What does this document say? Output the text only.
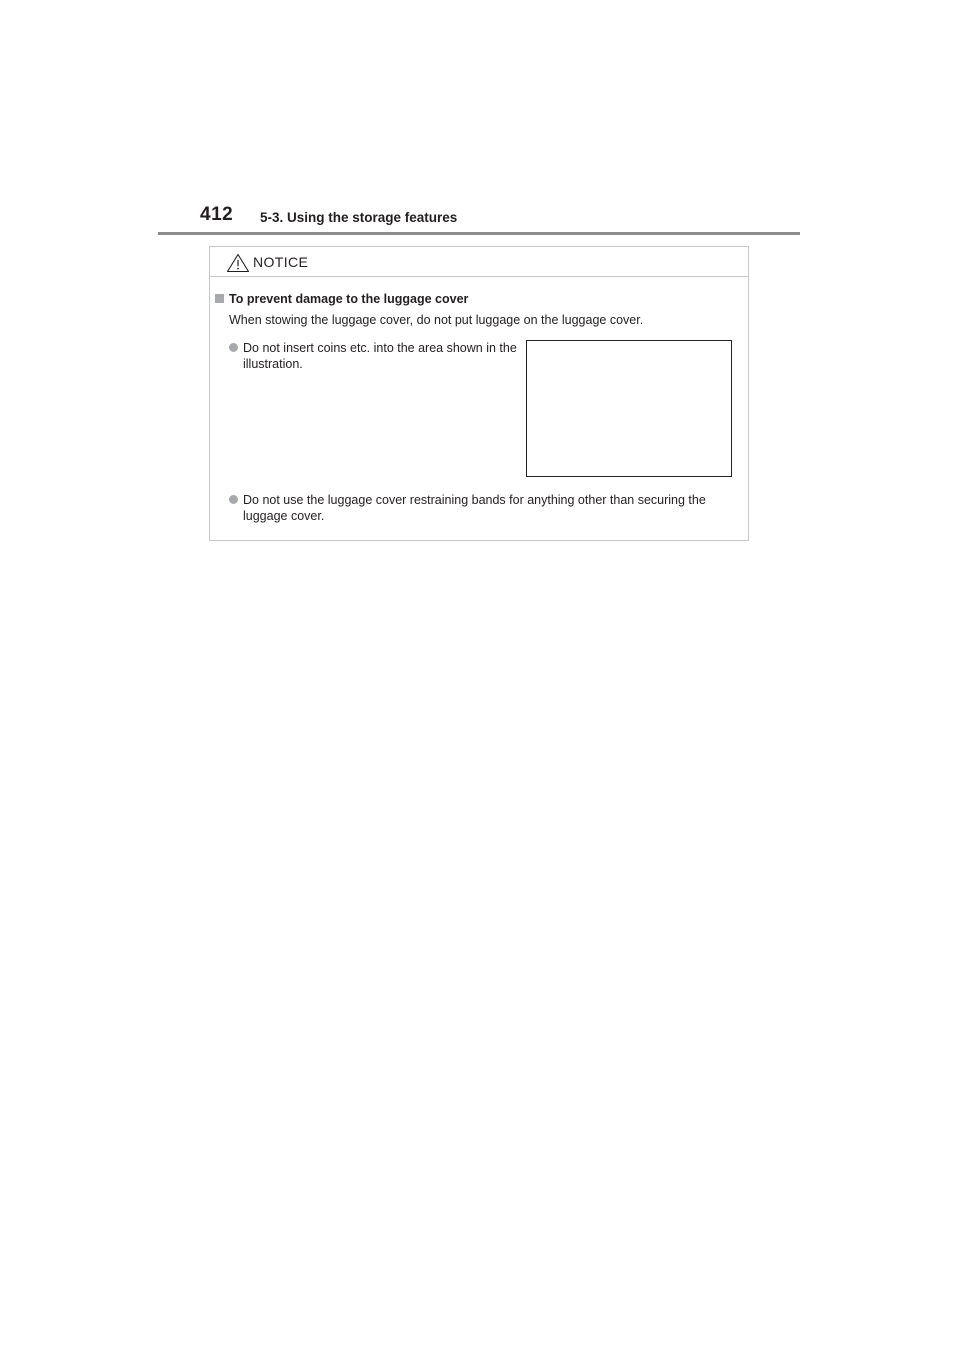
412 5-3. Using the storage features
NOTICE
To prevent damage to the luggage cover
When stowing the luggage cover, do not put luggage on the luggage cover.
Do not insert coins etc. into the area shown in the illustration.
Do not use the luggage cover restraining bands for anything other than securing the luggage cover.
